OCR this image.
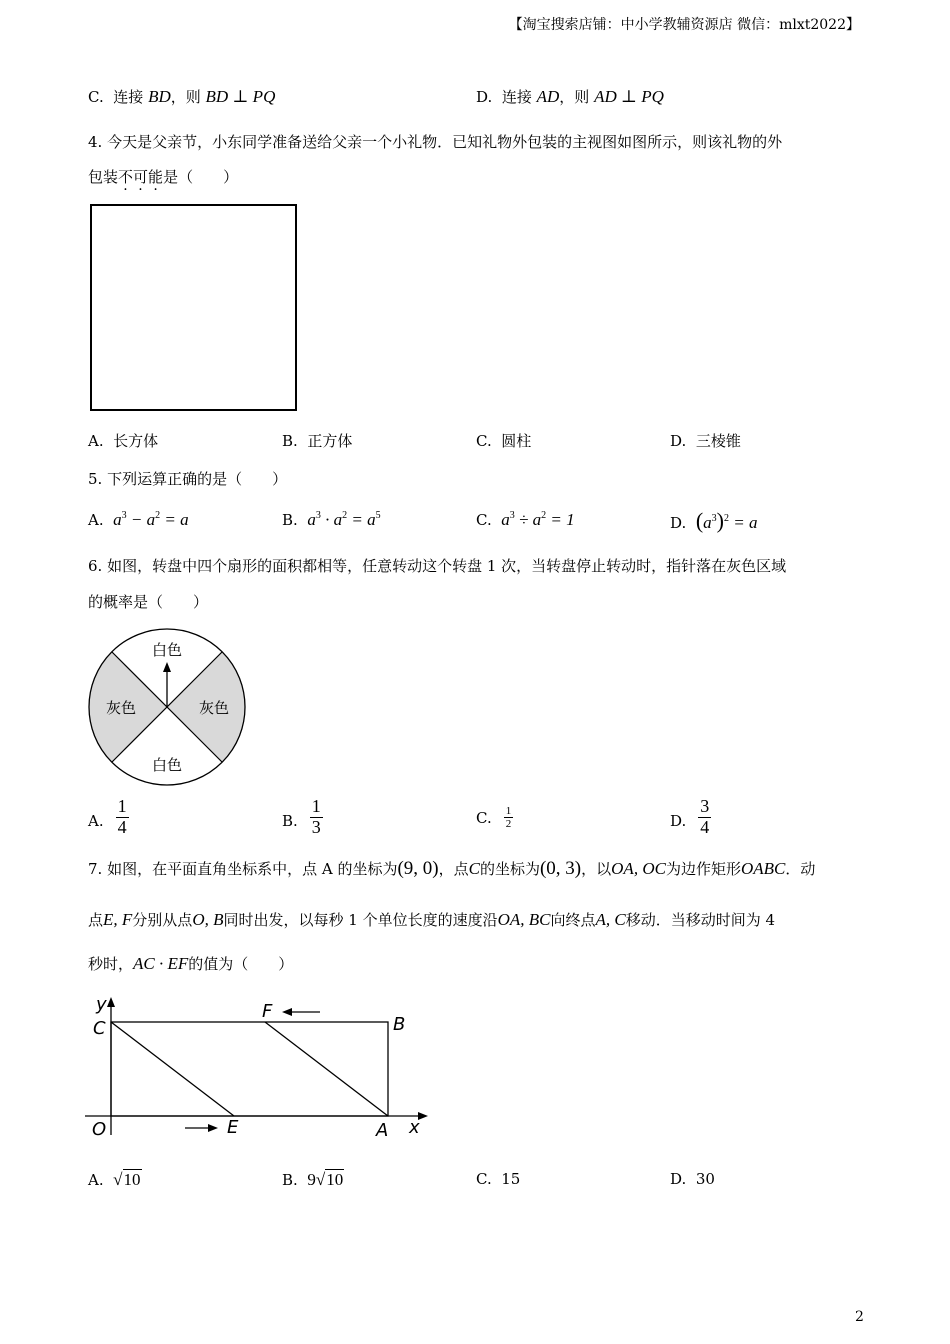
【淘宝搜索店铺：中小学教辅资源店 微信：mlxt2022】
C. 连接 BD，则 BD ⊥ PQ	D. 连接 AD，则 AD ⊥ PQ
4. 今天是父亲节，小东同学准备送给父亲一个小礼物．已知礼物外包装的主视图如图所示，则该礼物的外
包装不可能是（　　）
A. 长方体	B. 正方体	C. 圆柱	D. 三棱锥
5. 下列运算正确的是（　　）
A. $a^3 - a^2 = a$	B. $a^3 \cdot a^2 = a^5$	C. $a^3 \div a^2 = 1$	D. $(a^3)^2 = a$
6. 如图，转盘中四个扇形的面积都相等，任意转动这个转盘 1 次，当转盘停止转动时，指针落在灰色区域
的概率是（　　）
白色
白色
灰色	灰色
A. $\frac{1}{4}$	B. $\frac{1}{3}$	C. $\frac{1}{2}$	D. $\frac{3}{4}$
7. 如图，在平面直角坐标系中，点 A 的坐标为(9, 0)，点C的坐标为(0, 3)，以OA, OC为边作矩形OABC．动
点E, F分别从点O, B同时出发，以每秒 1 个单位长度的速度沿OA, BC向终点A, C移动．当移动时间为 4
秒时，AC · EF的值为（　　）
y
C
O	E
F
B
A x
A. √10	B. 9√10	C. 15	D. 30
2
